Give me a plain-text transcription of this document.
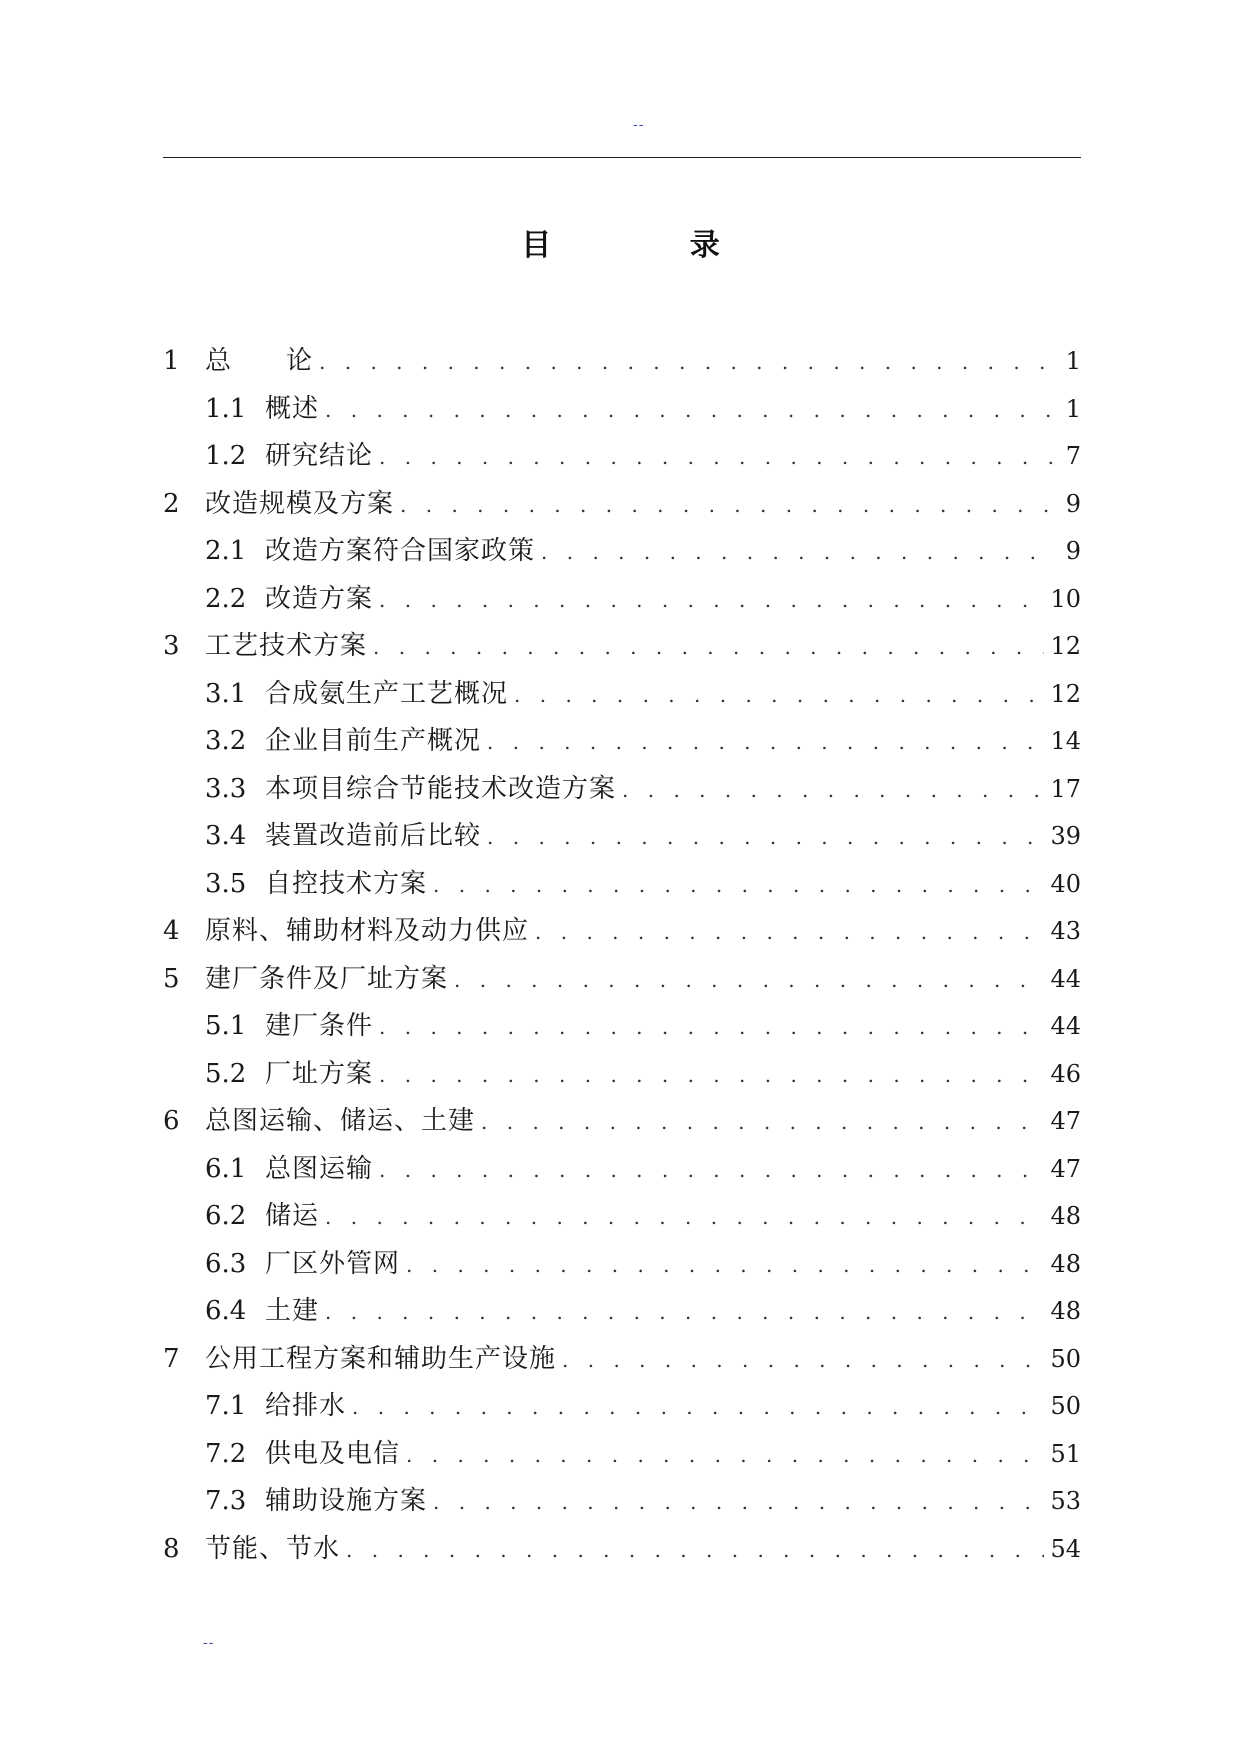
--
目 录
1 总　　论 . . .	1
1.1 概述 . . .	1
1.2 研究结论 . . .	7
2 改造规模及方案 . . .	9
2.1 改造方案符合国家政策 . . .	9
2.2 改造方案 . . .	10
3 工艺技术方案 . . .	12
3.1 合成氨生产工艺概况 . . .	12
3.2 企业目前生产概况 . . .	14
3.3 本项目综合节能技术改造方案 . . .	17
3.4 装置改造前后比较 . . .	39
3.5 自控技术方案 . . .	40
4 原料、辅助材料及动力供应 . . .	43
5 建厂条件及厂址方案 . . .	44
5.1 建厂条件 . . .	44
5.2 厂址方案 . . .	46
6 总图运输、储运、土建 . . .	47
6.1 总图运输 . . .	47
6.2 储运 . . .	48
6.3 厂区外管网 . . .	48
6.4 土建 . . .	48
7 公用工程方案和辅助生产设施 . . .	50
7.1 给排水 . . .	50
7.2 供电及电信 . . .	51
7.3 辅助设施方案 . . .	53
8 节能、节水 . . .	54
--
